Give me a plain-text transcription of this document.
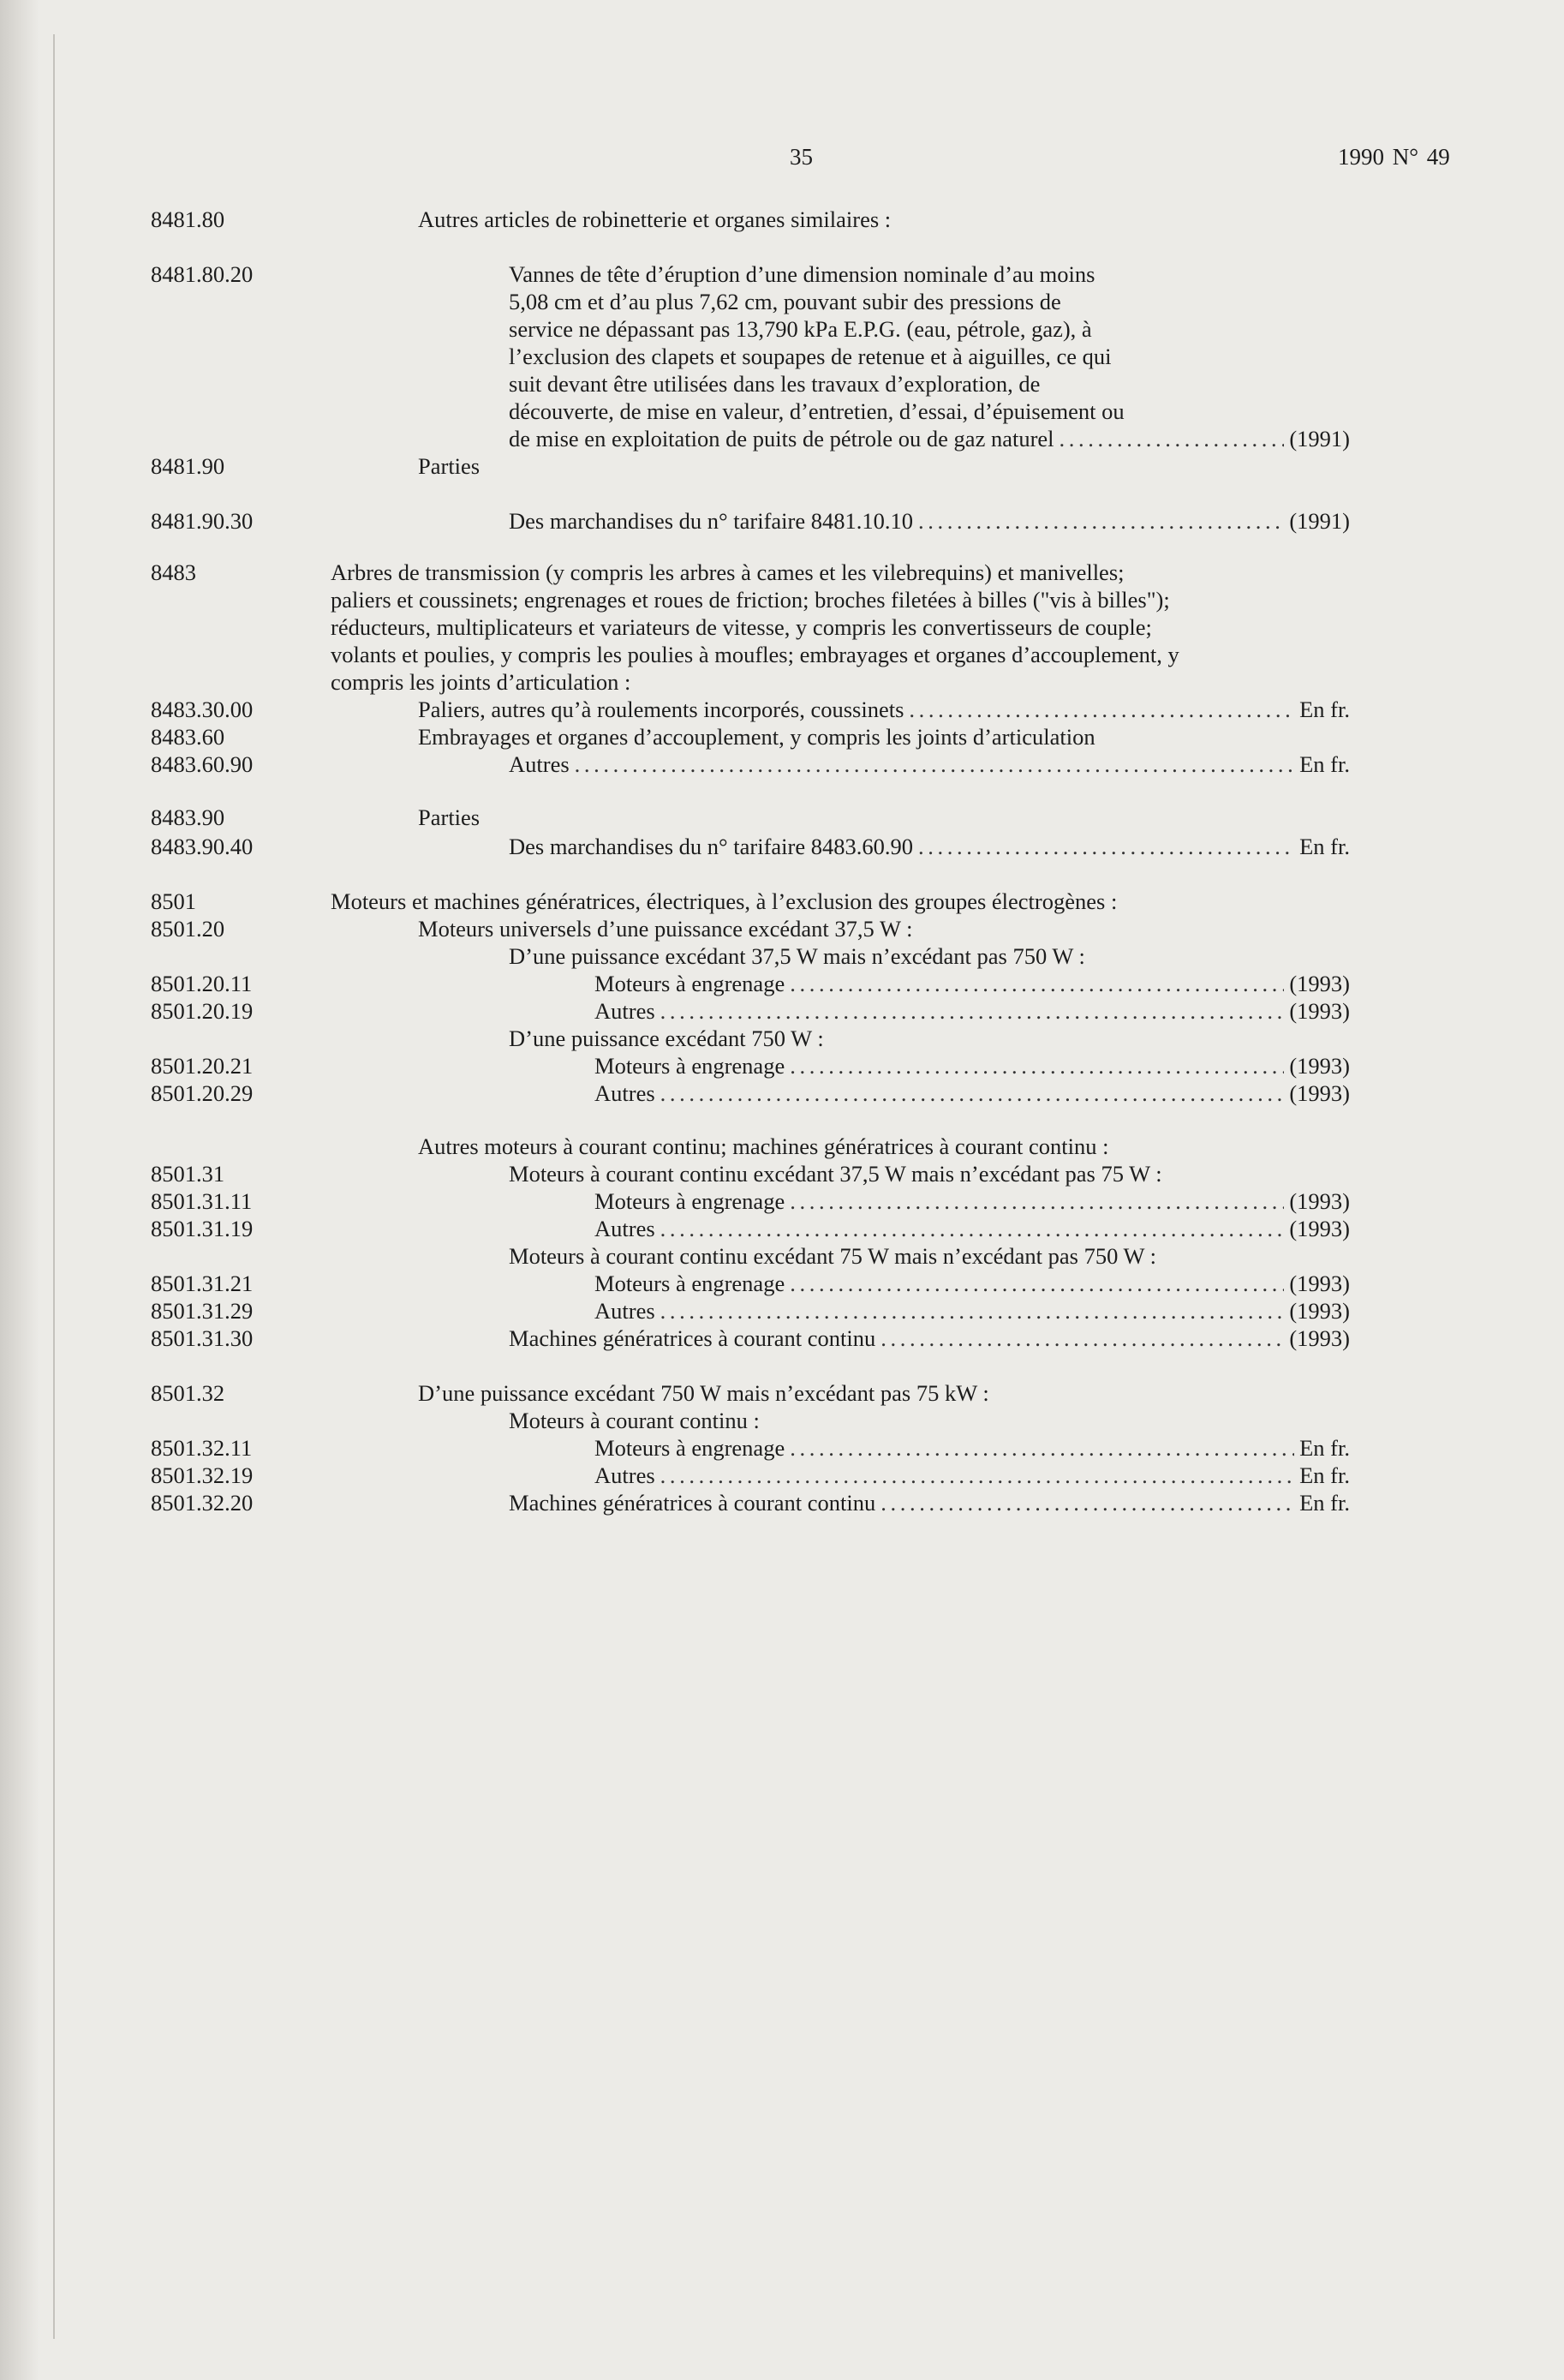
35	1990 N° 49
8481.80	Autres articles de robinetterie et organes similaires :
8481.80.20	Vannes de tête d’éruption d’une dimension nominale d’au moins
5,08 cm et d’au plus 7,62 cm, pouvant subir des pressions de
service ne dépassant pas 13,790 kPa E.P.G. (eau, pétrole, gaz), à
l’exclusion des clapets et soupapes de retenue et à aiguilles, ce qui
suit devant être utilisées dans les travaux d’exploration, de
découverte, de mise en valeur, d’entretien, d’essai, d’épuisement ou
de mise en exploitation de puits de pétrole ou de gaz naturel . . .	(1991)
8481.90	Parties
8481.90.30	Des marchandises du n° tarifaire 8481.10.10 . . .	(1991)
8483	Arbres de transmission (y compris les arbres à cames et les vilebrequins) et manivelles;
paliers et coussinets; engrenages et roues de friction; broches filetées à billes ("vis à billes");
réducteurs, multiplicateurs et variateurs de vitesse, y compris les convertisseurs de couple;
volants et poulies, y compris les poulies à moufles; embrayages et organes d’accouplement, y
compris les joints d’articulation :
8483.30.00	Paliers, autres qu’à roulements incorporés, coussinets . . .	En fr.
8483.60	Embrayages et organes d’accouplement, y compris les joints d’articulation
8483.60.90	Autres . . .	En fr.
8483.90	Parties
8483.90.40	Des marchandises du n° tarifaire 8483.60.90 . . .	En fr.
8501	Moteurs et machines génératrices, électriques, à l’exclusion des groupes électrogènes :
8501.20	Moteurs universels d’une puissance excédant 37,5 W :
D’une puissance excédant 37,5 W mais n’excédant pas 750 W :
8501.20.11	Moteurs à engrenage . . .	(1993)
8501.20.19	Autres . . .	(1993)
D’une puissance excédant 750 W :
8501.20.21	Moteurs à engrenage . . .	(1993)
8501.20.29	Autres . . .	(1993)
Autres moteurs à courant continu; machines génératrices à courant continu :
8501.31	Moteurs à courant continu excédant 37,5 W mais n’excédant pas 75 W :
8501.31.11	Moteurs à engrenage . . .	(1993)
8501.31.19	Autres . . .	(1993)
Moteurs à courant continu excédant 75 W mais n’excédant pas 750 W :
8501.31.21	Moteurs à engrenage . . .	(1993)
8501.31.29	Autres . . .	(1993)
8501.31.30	Machines génératrices à courant continu . . .	(1993)
8501.32	D’une puissance excédant 750 W mais n’excédant pas 75 kW :
Moteurs à courant continu :
8501.32.11	Moteurs à engrenage . . .	En fr.
8501.32.19	Autres . . .	En fr.
8501.32.20	Machines génératrices à courant continu . . .	En fr.
